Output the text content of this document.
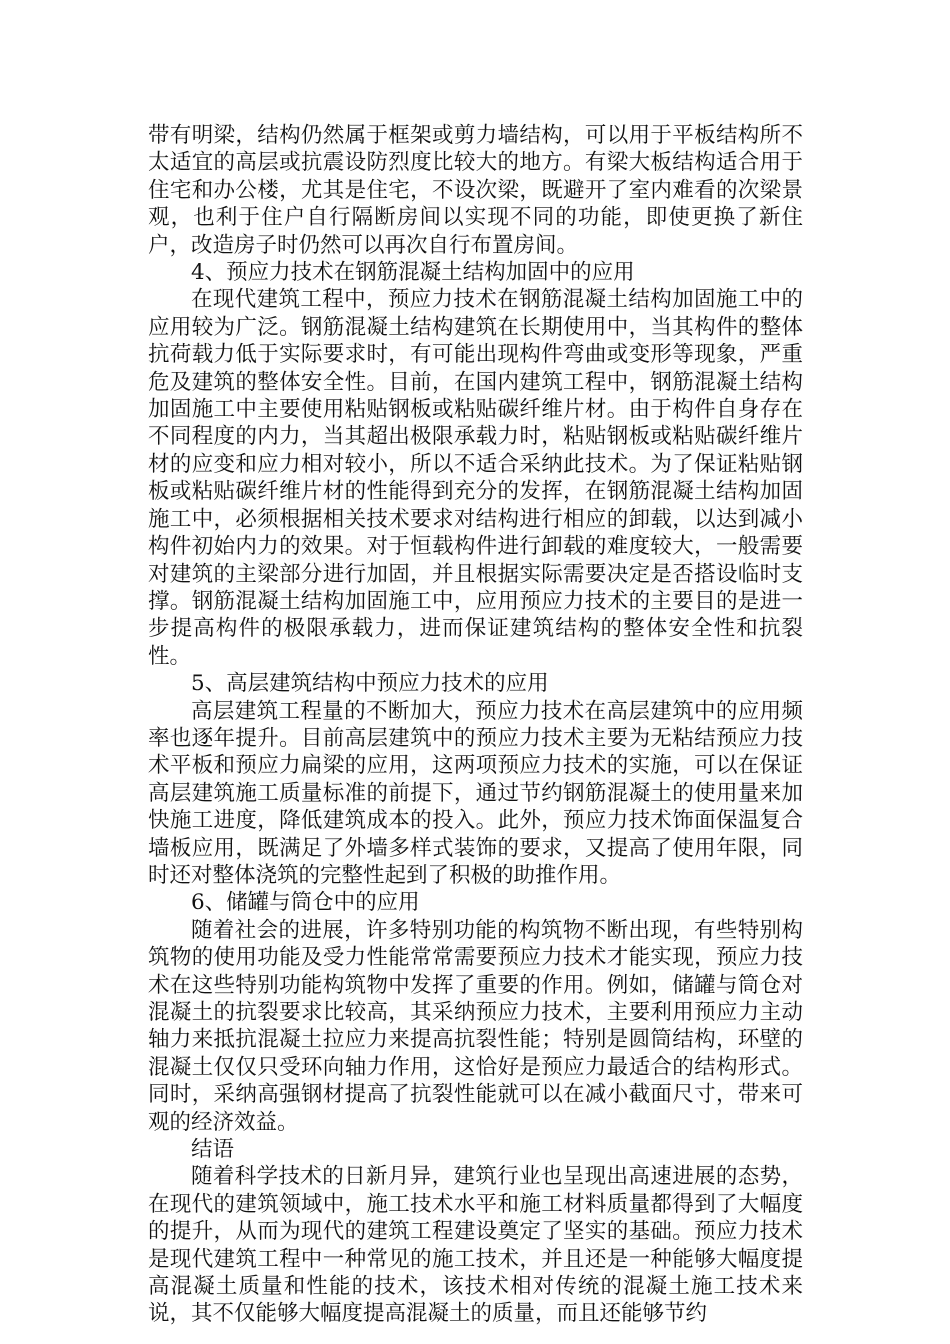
带有明梁，结构仍然属于框架或剪力墙结构，可以用于平板结构所不太适宜的高层或抗震设防烈度比较大的地方。有梁大板结构适合用于住宅和办公楼，尤其是住宅，不设次梁，既避开了室内难看的次梁景观，也利于住户自行隔断房间以实现不同的功能，即使更换了新住户，改造房子时仍然可以再次自行布置房间。

4、预应力技术在钢筋混凝土结构加固中的应用

在现代建筑工程中，预应力技术在钢筋混凝土结构加固施工中的应用较为广泛。钢筋混凝土结构建筑在长期使用中，当其构件的整体抗荷载力低于实际要求时，有可能出现构件弯曲或变形等现象，严重危及建筑的整体安全性。目前，在国内建筑工程中，钢筋混凝土结构加固施工中主要使用粘贴钢板或粘贴碳纤维片材。由于构件自身存在不同程度的内力，当其超出极限承载力时，粘贴钢板或粘贴碳纤维片材的应变和应力相对较小，所以不适合采纳此技术。为了保证粘贴钢板或粘贴碳纤维片材的性能得到充分的发挥，在钢筋混凝土结构加固施工中，必须根据相关技术要求对结构进行相应的卸载，以达到减小构件初始内力的效果。对于恒载构件进行卸载的难度较大，一般需要对建筑的主梁部分进行加固，并且根据实际需要决定是否搭设临时支撑。钢筋混凝土结构加固施工中，应用预应力技术的主要目的是进一步提高构件的极限承载力，进而保证建筑结构的整体安全性和抗裂性。

5、高层建筑结构中预应力技术的应用

高层建筑工程量的不断加大，预应力技术在高层建筑中的应用频率也逐年提升。目前高层建筑中的预应力技术主要为无粘结预应力技术平板和预应力扁梁的应用，这两项预应力技术的实施，可以在保证高层建筑施工质量标准的前提下，通过节约钢筋混凝土的使用量来加快施工进度，降低建筑成本的投入。此外，预应力技术饰面保温复合墙板应用，既满足了外墙多样式装饰的要求，又提高了使用年限，同时还对整体浇筑的完整性起到了积极的助推作用。

6、储罐与筒仓中的应用

随着社会的进展，许多特别功能的构筑物不断出现，有些特别构筑物的使用功能及受力性能常常需要预应力技术才能实现，预应力技术在这些特别功能构筑物中发挥了重要的作用。例如，储罐与筒仓对混凝土的抗裂要求比较高，其采纳预应力技术，主要利用预应力主动轴力来抵抗混凝土拉应力来提高抗裂性能；特别是圆筒结构，环壁的混凝土仅仅只受环向轴力作用，这恰好是预应力最适合的结构形式。同时，采纳高强钢材提高了抗裂性能就可以在减小截面尺寸，带来可观的经济效益。

结语

随着科学技术的日新月异，建筑行业也呈现出高速进展的态势，在现代的建筑领域中，施工技术水平和施工材料质量都得到了大幅度的提升，从而为现代的建筑工程建设奠定了坚实的基础。预应力技术是现代建筑工程中一种常见的施工技术，并且还是一种能够大幅度提高混凝土质量和性能的技术，该技术相对传统的混凝土施工技术来说，其不仅能够大幅度提高混凝土的质量，而且还能够节约
